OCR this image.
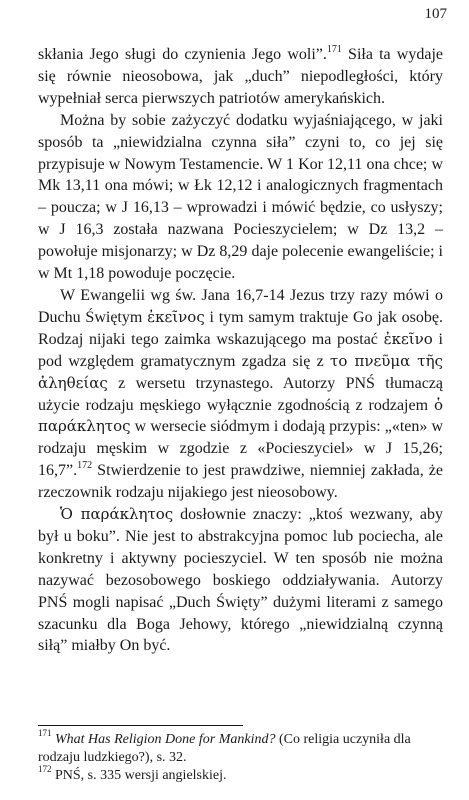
107

skłania Jego sługi do czynienia Jego woli”.$^{171}$ Siła ta wydaje się równie nieosobowa, jak „duch” niepodległości, który wypełniał serca pierwszych patriotów amerykańskich.

Można by sobie zażyczyć dodatku wyjaśniającego, w jaki sposób ta „niewidzialna czynna siła” czyni to, co jej się przypisuje w Nowym Testamencie. W 1 Kor 12,11 ona chce; w Mk 13,11 ona mówi; w Łk 12,12 i analogicznych fragmentach – poucza; w J 16,13 – wprowadzi i mówić będzie, co usłyszy; w J 16,3 została nazwana Pocieszycielem; w Dz 13,2 – powołuje misjonarzy; w Dz 8,29 daje polecenie ewangeliście; i w Mt 1,18 powoduje poczęcie.

W Ewangelii wg św. Jana 16,7-14 Jezus trzy razy mówi o Duchu Świętym ἐκεῖνος i tym samym traktuje Go jak osobę. Rodzaj nijaki tego zaimka wskazującego ma postać ἐκεῖνο i pod względem gramatycznym zgadza się z το πνεῦμα τῆς ἀληθείας z wersetu trzynastego. Autorzy PNŚ tłumaczą użycie rodzaju męskiego wyłącznie zgodnością z rodzajem ὁ παράκλητος w wersecie siódmym i dodają przypis: „«ten» w rodzaju męskim w zgodzie z «Pocieszyciel» w J 15,26; 16,7”.$^{172}$ Stwierdzenie to jest prawdziwe, niemniej zakłada, że rzeczownik rodzaju nijakiego jest nieosobowy.

Ὁ παράκλητος dosłownie znaczy: „ktoś wezwany, aby był u boku”. Nie jest to abstrakcyjna pomoc lub pociecha, ale konkretny i aktywny pocieszyciel. W ten sposób nie można nazywać bezosobowego boskiego oddziaływania. Autorzy PNŚ mogli napisać „Duch Święty” dużymi literami z samego szacunku dla Boga Jehowy, którego „niewidzialną czynną siłą” miałby On być.

$^{171}$ What Has Religion Done for Mankind? (Co religia uczyniła dla rodzaju ludzkiego?), s. 32.

$^{172}$ PNŚ, s. 335 wersji angielskiej.
